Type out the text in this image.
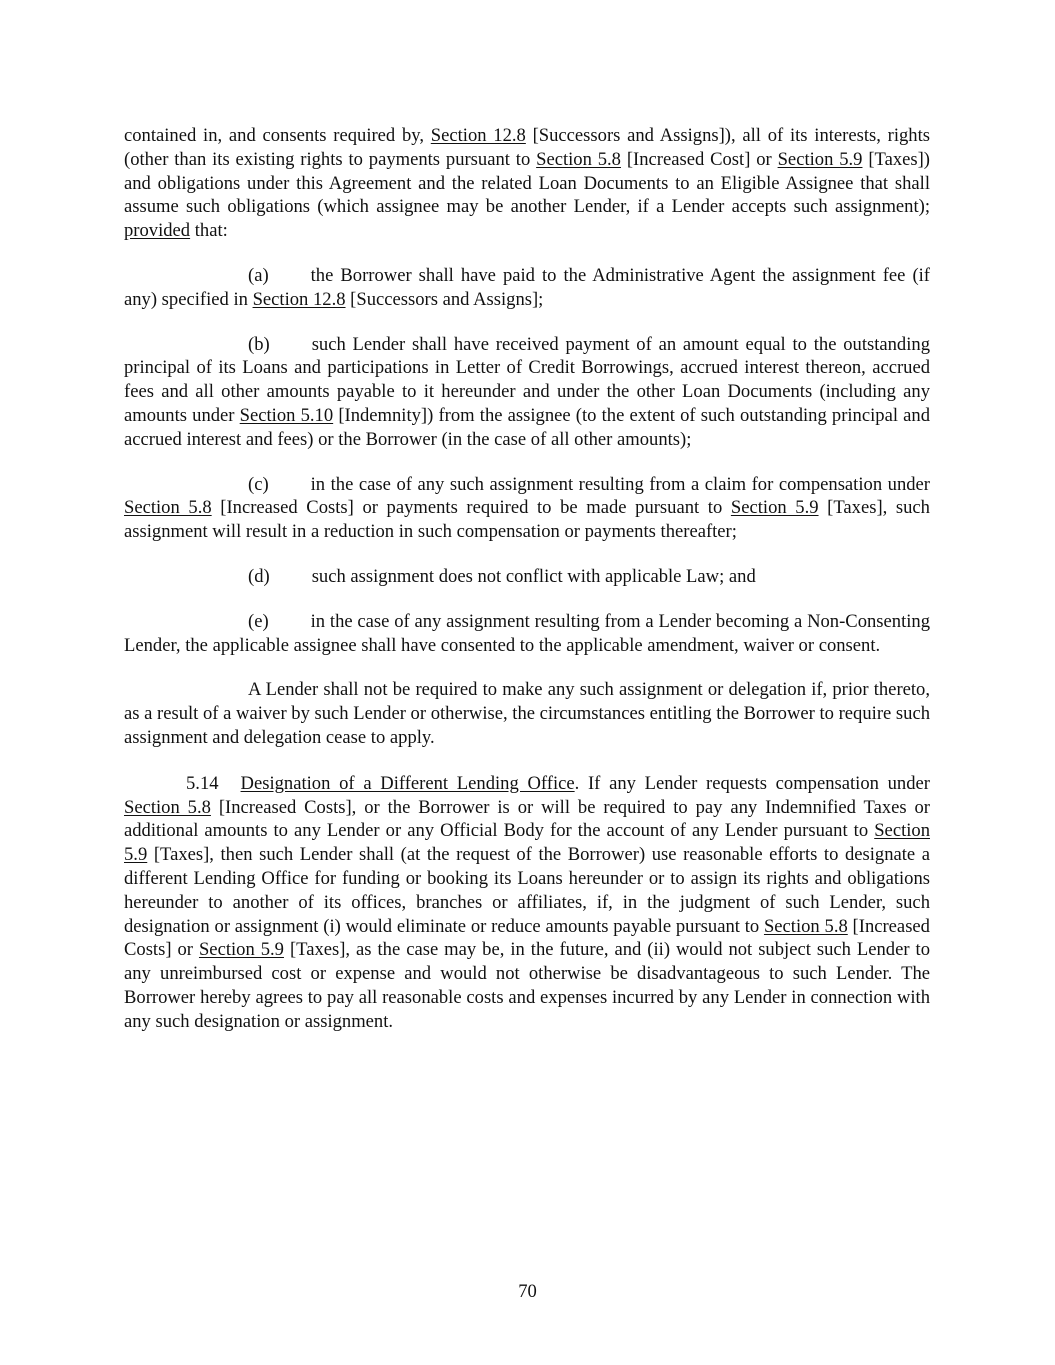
contained in, and consents required by, Section 12.8 [Successors and Assigns]), all of its interests, rights (other than its existing rights to payments pursuant to Section 5.8 [Increased Cost] or Section 5.9 [Taxes]) and obligations under this Agreement and the related Loan Documents to an Eligible Assignee that shall assume such obligations (which assignee may be another Lender, if a Lender accepts such assignment); provided that:

(a) the Borrower shall have paid to the Administrative Agent the assignment fee (if any) specified in Section 12.8 [Successors and Assigns];

(b) such Lender shall have received payment of an amount equal to the outstanding principal of its Loans and participations in Letter of Credit Borrowings, accrued interest thereon, accrued fees and all other amounts payable to it hereunder and under the other Loan Documents (including any amounts under Section 5.10 [Indemnity]) from the assignee (to the extent of such outstanding principal and accrued interest and fees) or the Borrower (in the case of all other amounts);

(c) in the case of any such assignment resulting from a claim for compensation under Section 5.8 [Increased Costs] or payments required to be made pursuant to Section 5.9 [Taxes], such assignment will result in a reduction in such compensation or payments thereafter;

(d) such assignment does not conflict with applicable Law; and

(e) in the case of any assignment resulting from a Lender becoming a Non-Consenting Lender, the applicable assignee shall have consented to the applicable amendment, waiver or consent.

A Lender shall not be required to make any such assignment or delegation if, prior thereto, as a result of a waiver by such Lender or otherwise, the circumstances entitling the Borrower to require such assignment and delegation cease to apply.

5.14 Designation of a Different Lending Office. If any Lender requests compensation under Section 5.8 [Increased Costs], or the Borrower is or will be required to pay any Indemnified Taxes or additional amounts to any Lender or any Official Body for the account of any Lender pursuant to Section 5.9 [Taxes], then such Lender shall (at the request of the Borrower) use reasonable efforts to designate a different Lending Office for funding or booking its Loans hereunder or to assign its rights and obligations hereunder to another of its offices, branches or affiliates, if, in the judgment of such Lender, such designation or assignment (i) would eliminate or reduce amounts payable pursuant to Section 5.8 [Increased Costs] or Section 5.9 [Taxes], as the case may be, in the future, and (ii) would not subject such Lender to any unreimbursed cost or expense and would not otherwise be disadvantageous to such Lender. The Borrower hereby agrees to pay all reasonable costs and expenses incurred by any Lender in connection with any such designation or assignment.

70
